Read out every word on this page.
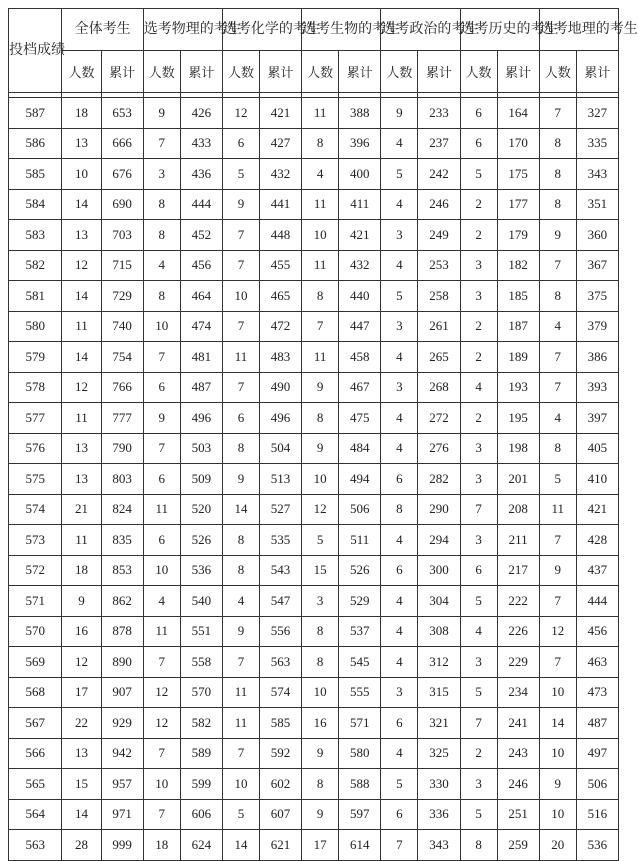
投档成绩	全体考生		选考物理的考生		选考化学的考生		选考生物的考生		选考政治的考生		选考历史的考生		选考地理的考生	
	人数	累计	人数	累计	人数	累计	人数	累计	人数	累计	人数	累计	人数	累计

587	18	653	9	426	12	421	11	388	9	233	6	164	7	327
586	13	666	7	433	6	427	8	396	4	237	6	170	8	335
585	10	676	3	436	5	432	4	400	5	242	5	175	8	343
584	14	690	8	444	9	441	11	411	4	246	2	177	8	351
583	13	703	8	452	7	448	10	421	3	249	2	179	9	360
582	12	715	4	456	7	455	11	432	4	253	3	182	7	367
581	14	729	8	464	10	465	8	440	5	258	3	185	8	375
580	11	740	10	474	7	472	7	447	3	261	2	187	4	379
579	14	754	7	481	11	483	11	458	4	265	2	189	7	386
578	12	766	6	487	7	490	9	467	3	268	4	193	7	393
577	11	777	9	496	6	496	8	475	4	272	2	195	4	397
576	13	790	7	503	8	504	9	484	4	276	3	198	8	405
575	13	803	6	509	9	513	10	494	6	282	3	201	5	410
574	21	824	11	520	14	527	12	506	8	290	7	208	11	421
573	11	835	6	526	8	535	5	511	4	294	3	211	7	428
572	18	853	10	536	8	543	15	526	6	300	6	217	9	437
571	9	862	4	540	4	547	3	529	4	304	5	222	7	444
570	16	878	11	551	9	556	8	537	4	308	4	226	12	456
569	12	890	7	558	7	563	8	545	4	312	3	229	7	463
568	17	907	12	570	11	574	10	555	3	315	5	234	10	473
567	22	929	12	582	11	585	16	571	6	321	7	241	14	487
566	13	942	7	589	7	592	9	580	4	325	2	243	10	497
565	15	957	10	599	10	602	8	588	5	330	3	246	9	506
564	14	971	7	606	5	607	9	597	6	336	5	251	10	516
563	28	999	18	624	14	621	17	614	7	343	8	259	20	536
